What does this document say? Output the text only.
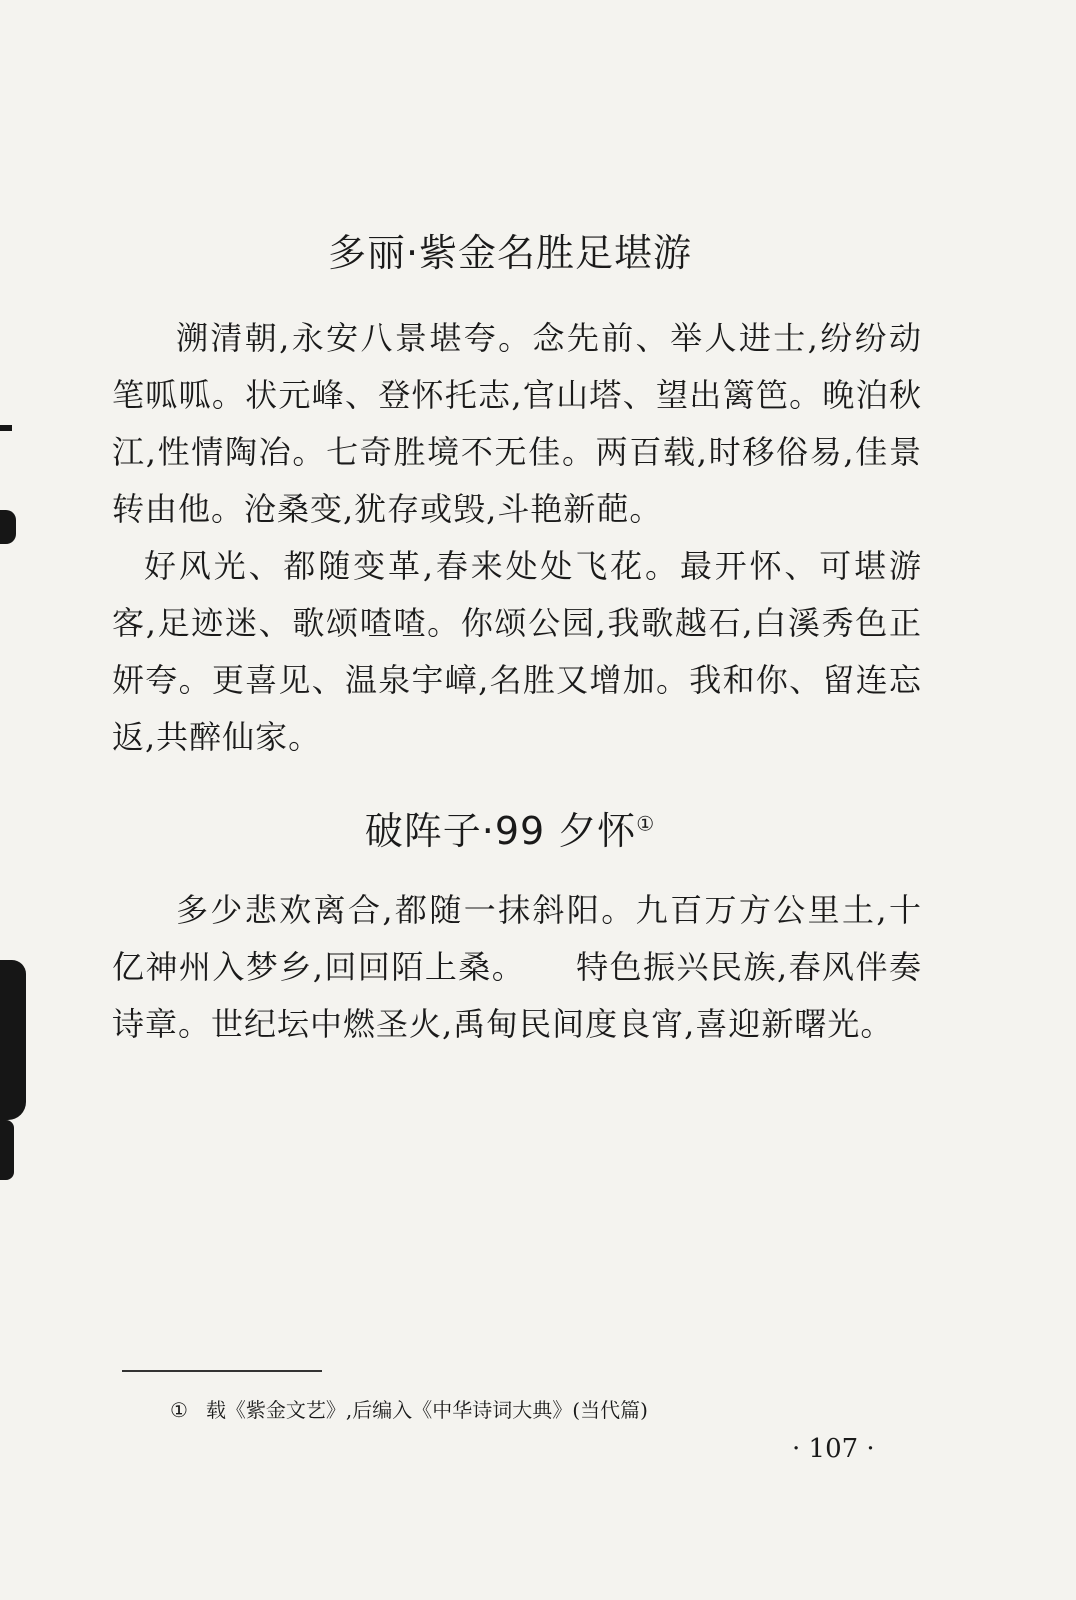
多丽·紫金名胜足堪游

溯清朝,永安八景堪夸。念先前、举人进士,纷纷动笔呱呱。状元峰、登怀托志,官山塔、望出篱笆。晚泊秋江,性情陶冶。七奇胜境不无佳。两百载,时移俗易,佳景转由他。沧桑变,犹存或毁,斗艳新葩。

好风光、都随变革,春来处处飞花。最开怀、可堪游客,足迹迷、歌颂喳喳。你颂公园,我歌越石,白溪秀色正妍夸。更喜见、温泉宇嶂,名胜又增加。我和你、留连忘返,共醉仙家。

破阵子·99 夕怀①

多少悲欢离合,都随一抹斜阳。九百万方公里土,十亿神州入梦乡,回回陌上桑。　　特色振兴民族,春风伴奏诗章。世纪坛中燃圣火,禹甸民间度良宵,喜迎新曙光。

① 载《紫金文艺》,后编入《中华诗词大典》(当代篇)

· 107 ·
